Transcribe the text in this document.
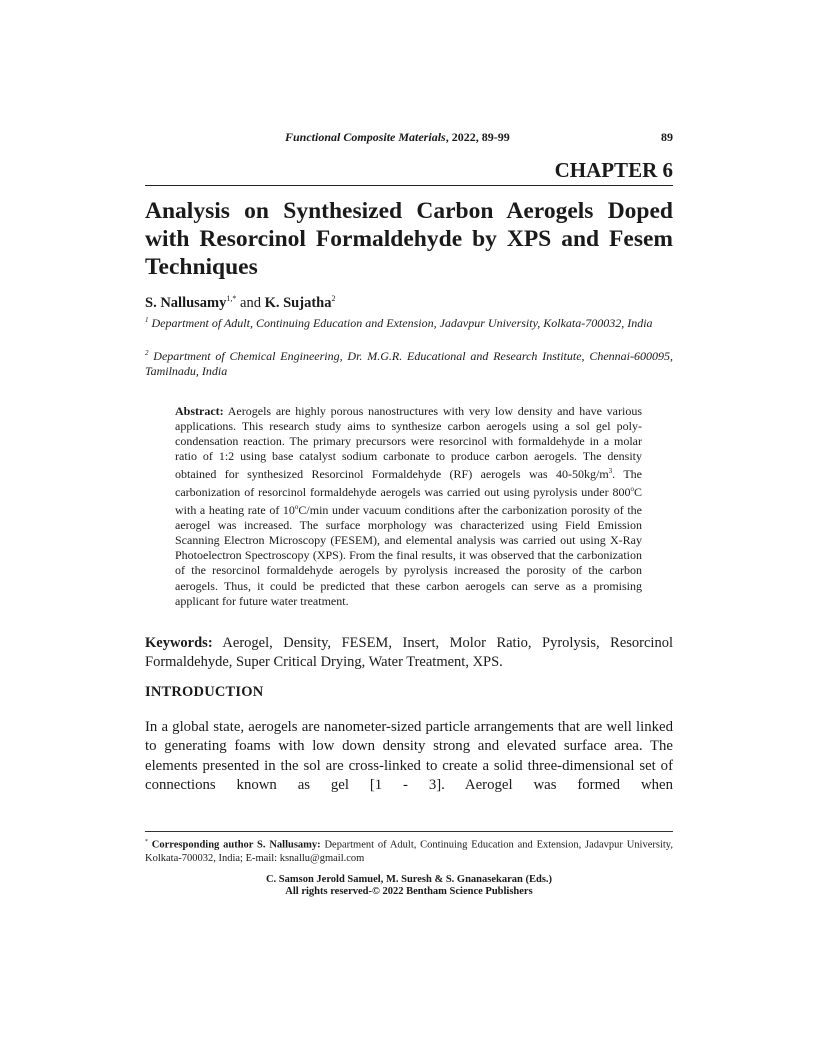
Functional Composite Materials, 2022, 89-99	89
CHAPTER 6
Analysis on Synthesized Carbon Aerogels Doped with Resorcinol Formaldehyde by XPS and Fesem Techniques
S. Nallusamy$^{1,*}$ and K. Sujatha$^2$
$^1$ Department of Adult, Continuing Education and Extension, Jadavpur University, Kolkata-700032, India
$^2$ Department of Chemical Engineering, Dr. M.G.R. Educational and Research Institute, Chennai-600095, Tamilnadu, India
Abstract: Aerogels are highly porous nanostructures with very low density and have various applications. This research study aims to synthesize carbon aerogels using a sol gel poly-condensation reaction. The primary precursors were resorcinol with formaldehyde in a molar ratio of 1:2 using base catalyst sodium carbonate to produce carbon aerogels. The density obtained for synthesized Resorcinol Formaldehyde (RF) aerogels was $40-50kg/m^3$. The carbonization of resorcinol formaldehyde aerogels was carried out using pyrolysis under 800$^o$C with a heating rate of 10$^o$C/min under vacuum conditions after the carbonization porosity of the aerogel was increased. The surface morphology was characterized using Field Emission Scanning Electron Microscopy (FESEM), and elemental analysis was carried out using X-Ray Photoelectron Spectroscopy (XPS). From the final results, it was observed that the carbonization of the resorcinol formaldehyde aerogels by pyrolysis increased the porosity of the carbon aerogels. Thus, it could be predicted that these carbon aerogels can serve as a promising applicant for future water treatment.
Keywords: Aerogel, Density, FESEM, Insert, Molor Ratio, Pyrolysis, Resorcinol Formaldehyde, Super Critical Drying, Water Treatment, XPS.
INTRODUCTION
In a global state, aerogels are nanometer-sized particle arrangements that are well linked to generating foams with low down density strong and elevated surface area. The elements presented in the sol are cross-linked to create a solid three-dimensional set of connections known as gel [1 - 3]. Aerogel was formed when
* Corresponding author S. Nallusamy: Department of Adult, Continuing Education and Extension, Jadavpur University, Kolkata-700032, India; E-mail: ksnallu@gmail.com
C. Samson Jerold Samuel, M. Suresh & S. Gnanasekaran (Eds.)
All rights reserved-© 2022 Bentham Science Publishers
